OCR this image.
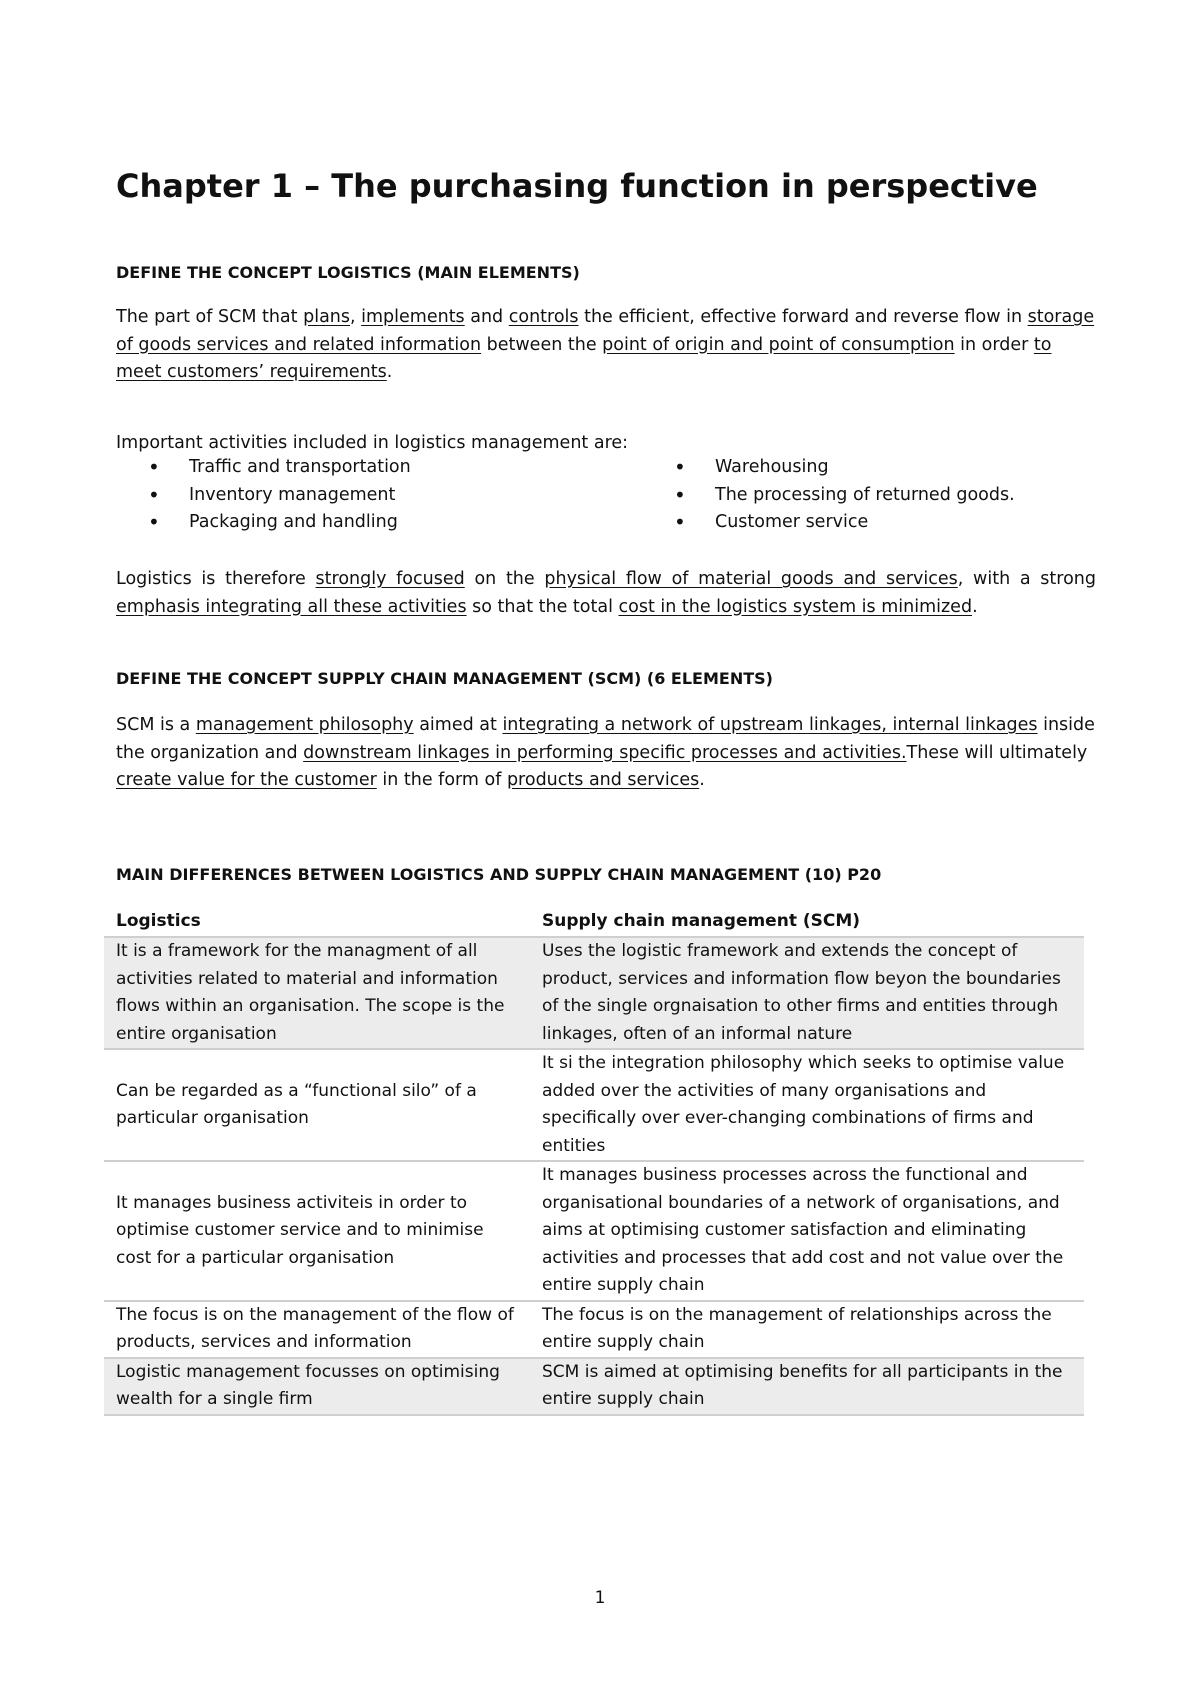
Chapter 1 – The purchasing function in perspective
DEFINE THE CONCEPT LOGISTICS (MAIN ELEMENTS)

The part of SCM that plans, implements and controls the efficient, effective forward and reverse flow in storage of goods services and related information between the point of origin and point of consumption in order to meet customers’ requirements.

Important activities included in logistics management are:

• Traffic and transportation
• Inventory management
• Packaging and handling
• Warehousing
• The processing of returned goods.
• Customer service

Logistics is therefore strongly focused on the physical flow of material goods and services, with a strong emphasis integrating all these activities so that the total cost in the logistics system is minimized.

DEFINE THE CONCEPT SUPPLY CHAIN MANAGEMENT (SCM) (6 ELEMENTS)

SCM is a management philosophy aimed at integrating a network of upstream linkages, internal linkages inside the organization and downstream linkages in performing specific processes and activities.These will ultimately create value for the customer in the form of products and services.

MAIN DIFFERENCES BETWEEN LOGISTICS AND SUPPLY CHAIN MANAGEMENT (10) P20
Logistics	Supply chain management (SCM)
It is a framework for the managment of all activities related to material and information flows within an organisation. The scope is the entire organisation	Uses the logistic framework and extends the concept of product, services and information flow beyon the boundaries of the single orgnaisation to other firms and entities through linkages, often of an informal nature
Can be regarded as a “functional silo” of a particular organisation	It si the integration philosophy which seeks to optimise value added over the activities of many organisations and specifically over ever-changing combinations of firms and entities
It manages business activiteis in order to optimise customer service and to minimise cost for a particular organisation	It manages business processes across the functional and organisational boundaries of a network of organisations, and aims at optimising customer satisfaction and eliminating activities and processes that add cost and not value over the entire supply chain
The focus is on the management of the flow of products, services and information	The focus is on the management of relationships across the entire supply chain
Logistic management focusses on optimising wealth for a single firm	SCM is aimed at optimising benefits for all participants in the entire supply chain
1
